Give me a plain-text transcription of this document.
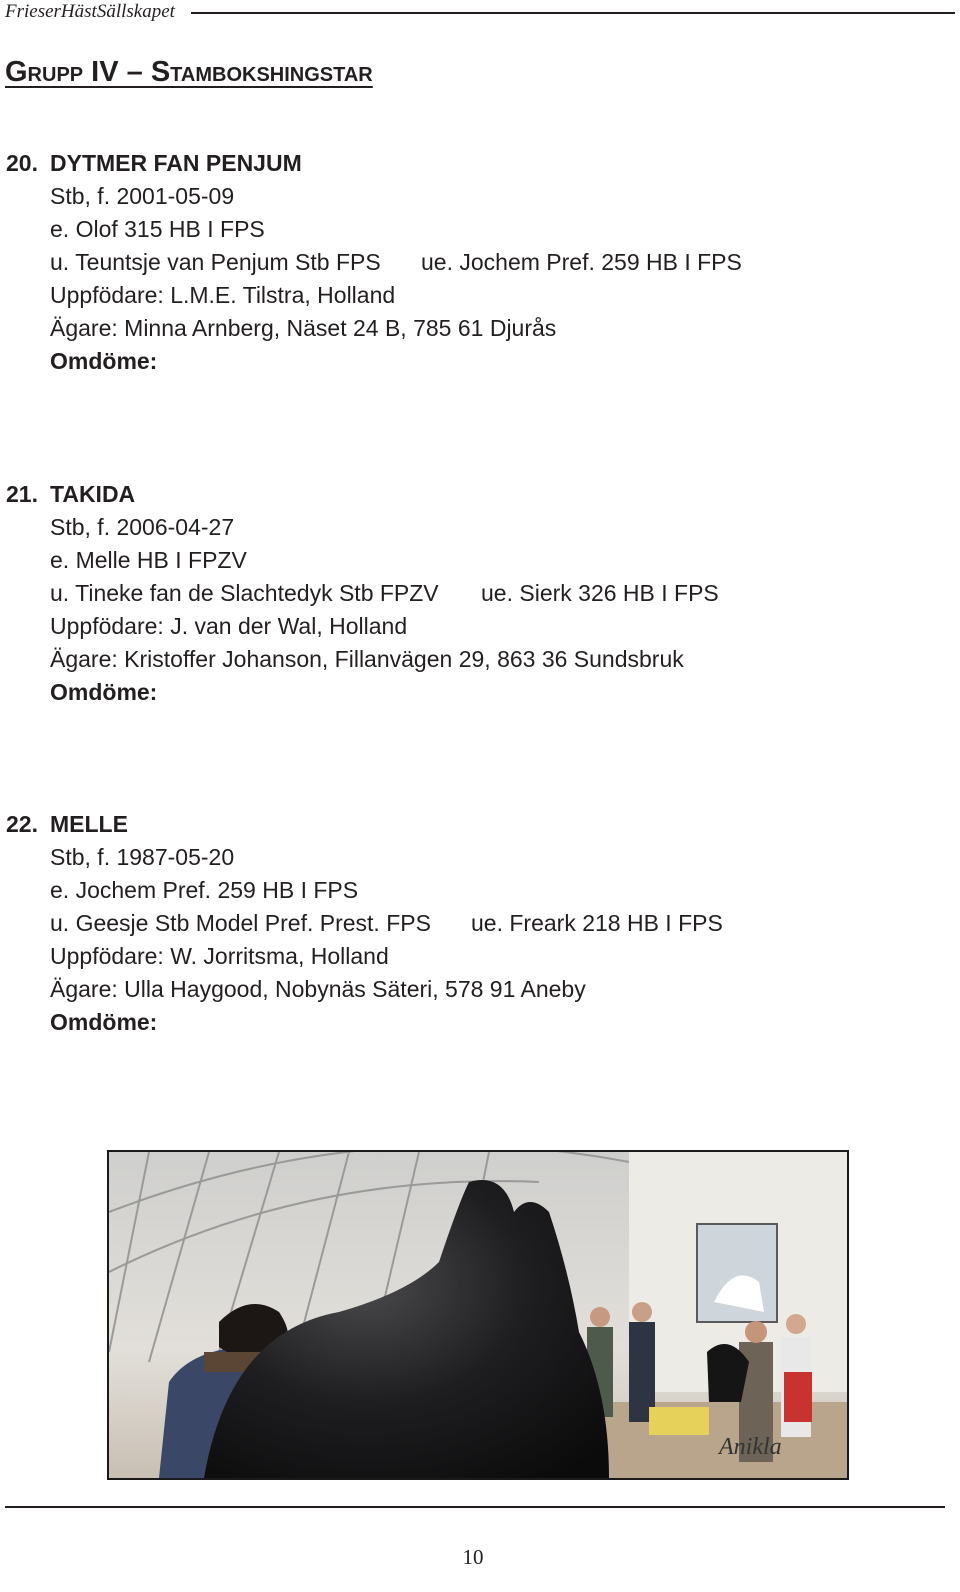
FrieserHästSällskapet
Grupp IV – Stambokshingstar
20. DYTMER FAN PENJUM
Stb, f. 2001-05-09
e. Olof 315 HB I FPS
u. Teuntsje van Penjum Stb FPS ue. Jochem Pref. 259 HB I FPS
Uppfödare: L.M.E. Tilstra, Holland
Ägare: Minna Arnberg, Näset 24 B, 785 61 Djurås
Omdöme:
21. TAKIDA
Stb, f. 2006-04-27
e. Melle HB I FPZV
u. Tineke fan de Slachtedyk Stb FPZV ue. Sierk 326 HB I FPS
Uppfödare: J. van der Wal, Holland
Ägare: Kristoffer Johanson, Fillanvägen 29, 863 36 Sundsbruk
Omdöme:
22. MELLE
Stb, f. 1987-05-20
e. Jochem Pref. 259 HB I FPS
u. Geesje Stb Model Pref. Prest. FPS ue. Freark 218 HB I FPS
Uppfödare: W. Jorritsma, Holland
Ägare: Ulla Haygood, Nobynäs Säteri, 578 91 Aneby
Omdöme:
Anikla
10
